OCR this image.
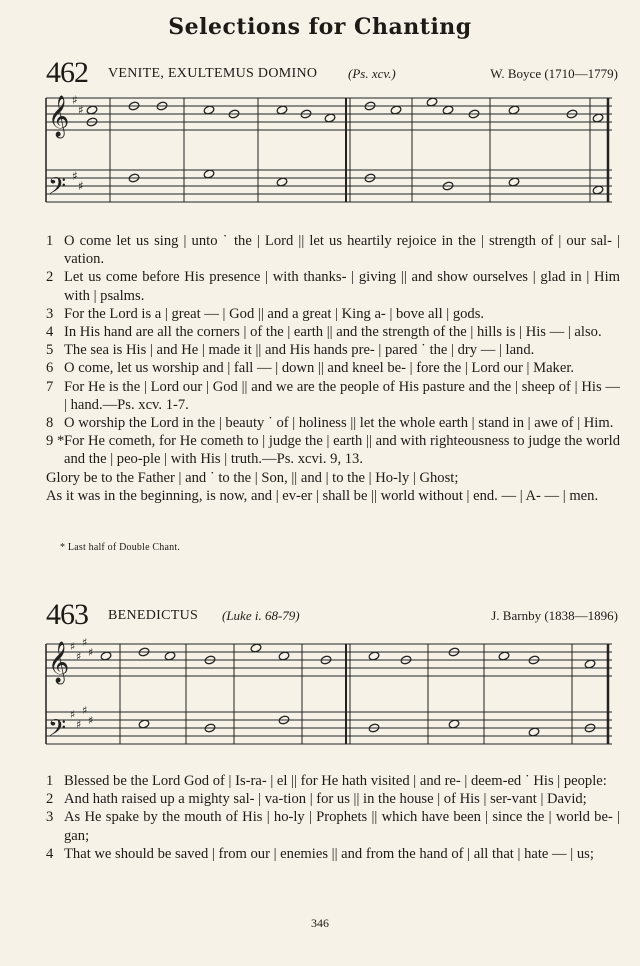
Selections for Chanting
462 VENITE, EXULTEMUS DOMINO (Ps. xcv.)	W. Boyce (1710—1779)
𝄞
𝄢
♯
♯
♯
♯
1 O come let us sing | unto ˙ the | Lord || let us heartily rejoice in the | strength of | our sal- | vation.
2 Let us come before His presence | with thanks- | giving || and show ourselves | glad in | Him with | psalms.
3 For the Lord is a | great — | God || and a great | King a- | bove all | gods.
4 In His hand are all the corners | of the | earth || and the strength of the | hills is | His — | also.
5 The sea is His | and He | made it || and His hands pre- | pared ˙ the | dry — | land.
6 O come, let us worship and | fall — | down || and kneel be- | fore the | Lord our | Maker.
7 For He is the | Lord our | God || and we are the people of His pasture and the | sheep of | His — | hand.—Ps. xcv. 1-7.
8 O worship the Lord in the | beauty ˙ of | holiness || let the whole earth | stand in | awe of | Him.
9 * For He cometh, for He cometh to | judge the | earth || and with righteousness to judge the world and the | peo-ple | with His | truth.—Ps. xcvi. 9, 13.
Glory be to the Father | and ˙ to the | Son, || and | to the | Ho-ly | Ghost;
As it was in the beginning, is now, and | ev-er | shall be || world without | end. — | A- — | men.
* Last half of Double Chant.
463 BENEDICTUS (Luke i. 68-79)	J. Barnby (1838—1896)
𝄞
𝄢
♯
♯
♯
♯
♯
♯
♯
♯
1 Blessed be the Lord God of | Is-ra- | el || for He hath visited | and re- | deem-ed ˙ His | people:
2 And hath raised up a mighty sal- | va-tion | for us || in the house | of His | ser-vant | David;
3 As He spake by the mouth of His | ho-ly | Prophets || which have been | since the | world be- | gan;
4 That we should be saved | from our | enemies || and from the hand of | all that | hate — | us;
346
